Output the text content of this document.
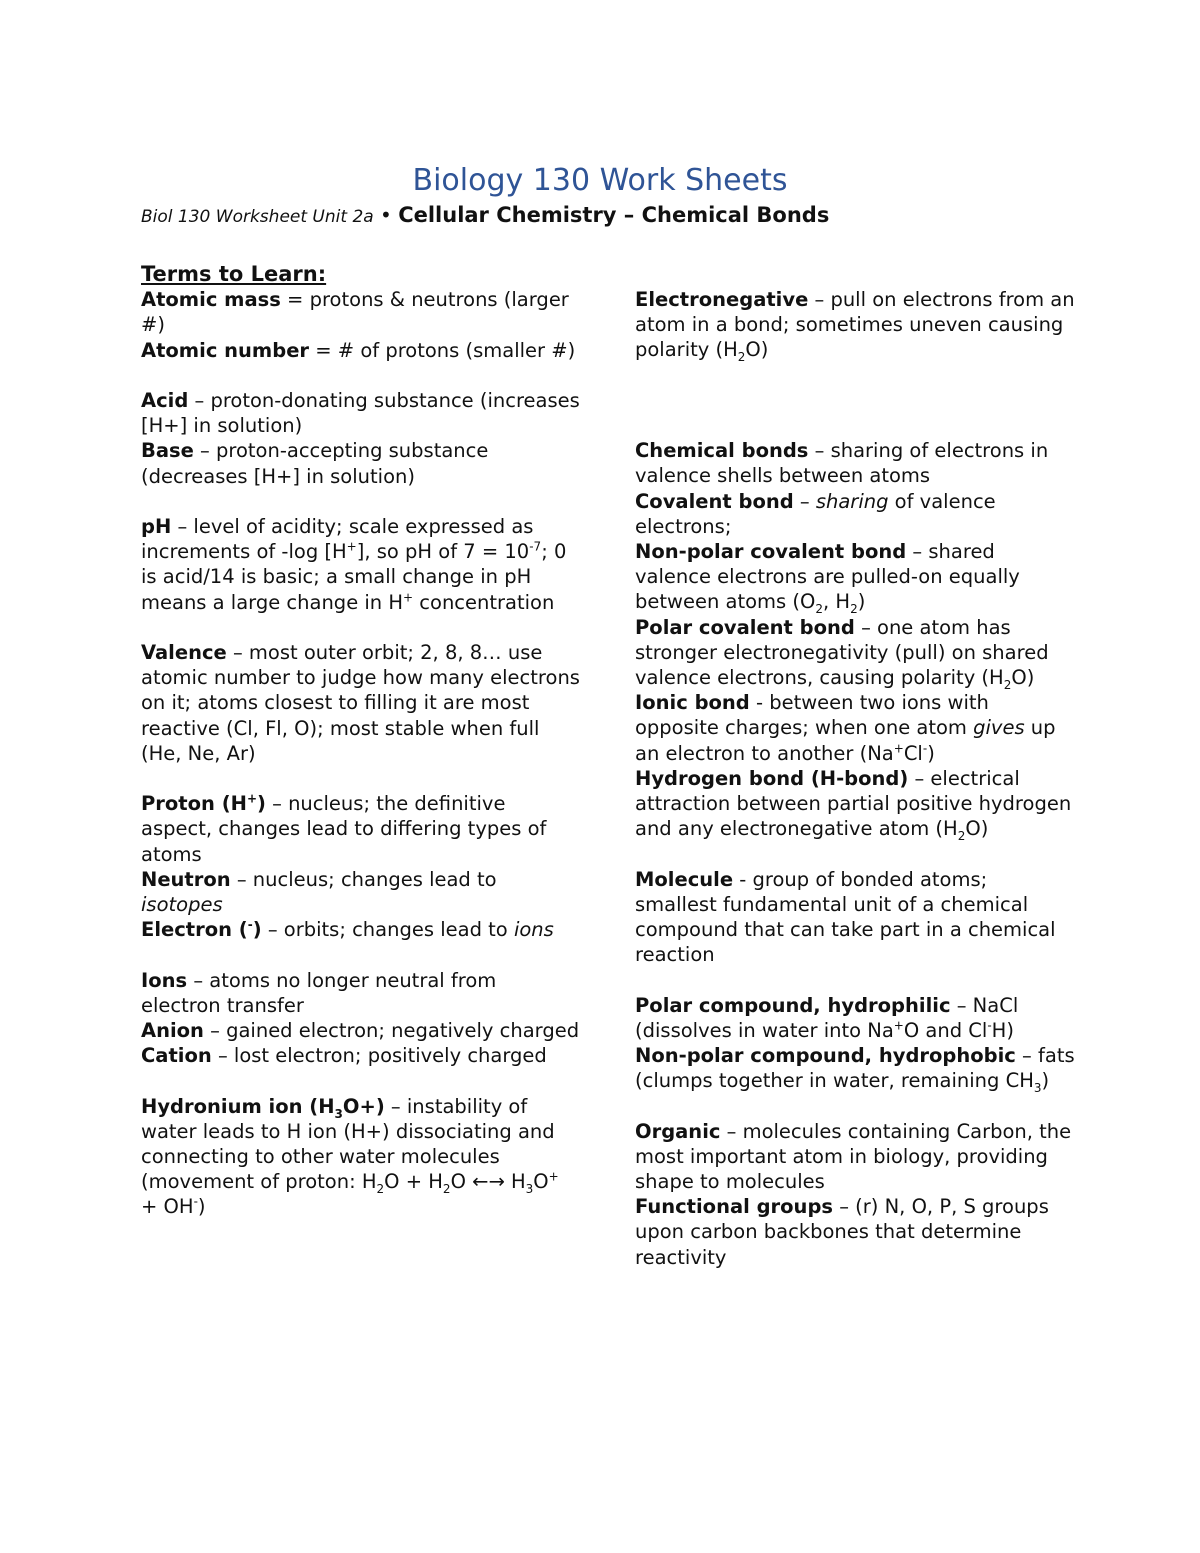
Biology 130 Work Sheets

Biol 130 Worksheet Unit 2a • Cellular Chemistry – Chemical Bonds

Terms to Learn:

Atomic mass = protons & neutrons (larger #)

Atomic number = # of protons (smaller #)

Acid – proton-donating substance (increases [H+] in solution)

Base – proton-accepting substance (decreases [H+] in solution)

pH – level of acidity; scale expressed as increments of -log [H+], so pH of $7 = 10^{-7}$; 0 is acid/14 is basic; a small change in pH means a large change in H+ concentration

Valence – most outer orbit; 2, 8, 8… use atomic number to judge how many electrons on it; atoms closest to filling it are most reactive (Cl, Fl, O); most stable when full (He, Ne, Ar)

Proton (H+) – nucleus; the definitive aspect, changes lead to differing types of atoms

Neutron – nucleus; changes lead to isotopes

Electron (-) – orbits; changes lead to ions

Ions – atoms no longer neutral from electron transfer

Anion – gained electron; negatively charged

Cation – lost electron; positively charged

Hydronium ion $(H_3O+)$ – instability of water leads to H ion (H+) dissociating and connecting to other water molecules (movement of proton: $H_2O + H_2O$ ←→ $H_3O^+ + OH^-$)

Electronegative – pull on electrons from an atom in a bond; sometimes uneven causing polarity $(H_2O)$

Chemical bonds – sharing of electrons in valence shells between atoms

Covalent bond – sharing of valence electrons;

Non-polar covalent bond – shared valence electrons are pulled-on equally between atoms ($O_2$, $H_2$)

Polar covalent bond – one atom has stronger electronegativity (pull) on shared valence electrons, causing polarity $(H_2O)$

Ionic bond - between two ions with opposite charges; when one atom gives up an electron to another (Na+Cl-)

Hydrogen bond (H-bond) – electrical attraction between partial positive hydrogen and any electronegative atom $(H_2O)$

Molecule - group of bonded atoms; smallest fundamental unit of a chemical compound that can take part in a chemical reaction

Polar compound, hydrophilic – NaCl (dissolves in water into Na+O and Cl-H)

Non-polar compound, hydrophobic – fats (clumps together in water, remaining $CH_3$)

Organic – molecules containing Carbon, the most important atom in biology, providing shape to molecules

Functional groups – (r) N, O, P, S groups upon carbon backbones that determine reactivity
